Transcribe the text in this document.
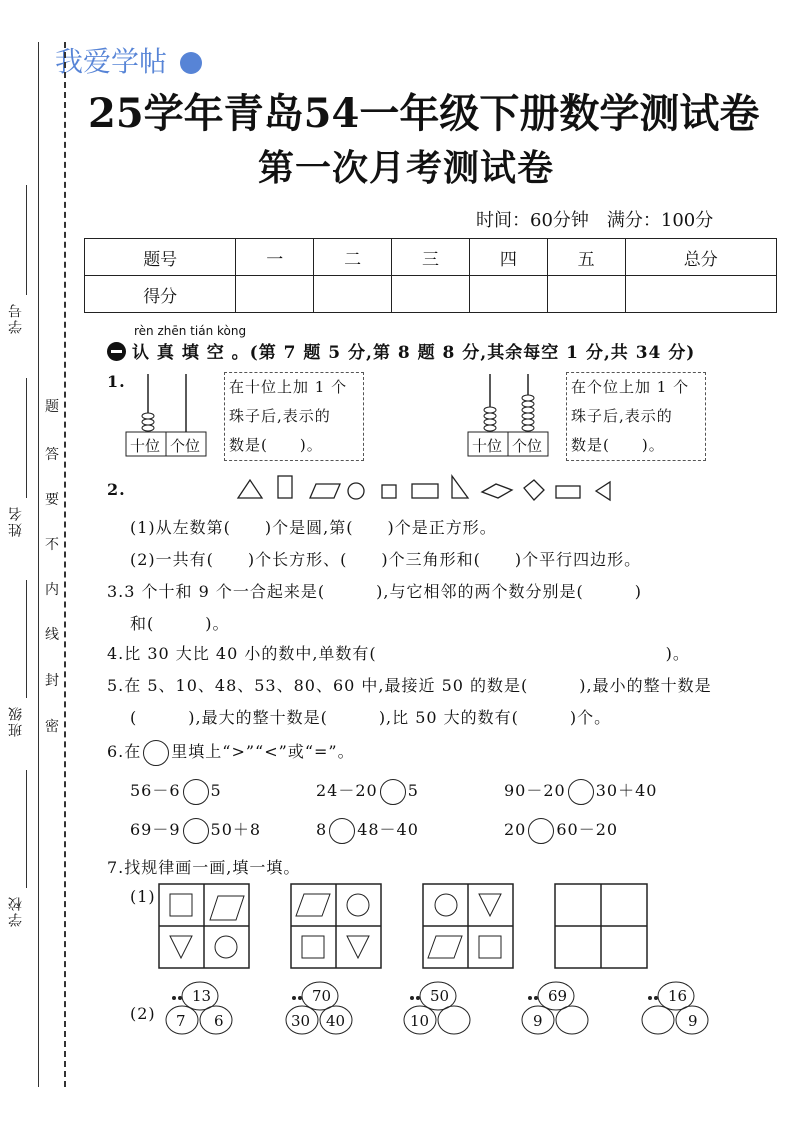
我爱学帖
学号
姓名
班级
学校
题
答
要
不
内
线
封
密
25学年青岛54一年级下册数学测试卷
第一次月考测试卷
时间：60分钟　满分：100分
题号	一	二	三	四	五	总分
得分						
rèn zhēn tián kòng
认 真 填 空 。(第 7 题 5 分,第 8 题 8 分,其余每空 1 分,共 34 分)
1.
十位 个位
在十位上加 1 个
珠子后,表示的
数是(　　)。	十位 个位
在个位上加 1 个
珠子后,表示的
数是(　　)。
2.
(1)从左数第(　　)个是圆,第(　　)个是正方形。
(2)一共有(　　)个长方形、(　　)个三角形和(　　)个平行四边形。
3.3 个十和 9 个一合起来是(　　　),与它相邻的两个数分别是(　　　)
和(　　　)。
4.比 30 大比 40 小的数中,单数有(　　　　　　　　　　　　　　　　　)。
5.在 5、10、48、53、80、60 中,最接近 50 的数是(　　　),最小的整十数是
(　　　),最大的整十数是(　　　),比 50 大的数有(　　　)个。
6.在 里填上“>”“<”或“=”。
56－6 5	24－20 5	90－20 30＋40
69－9 50＋8	8 48－40	20 60－20
7.找规律画一画,填一填。
(1)
(2)
13
7 6
70
30 40
50
10
69
9
16
9
